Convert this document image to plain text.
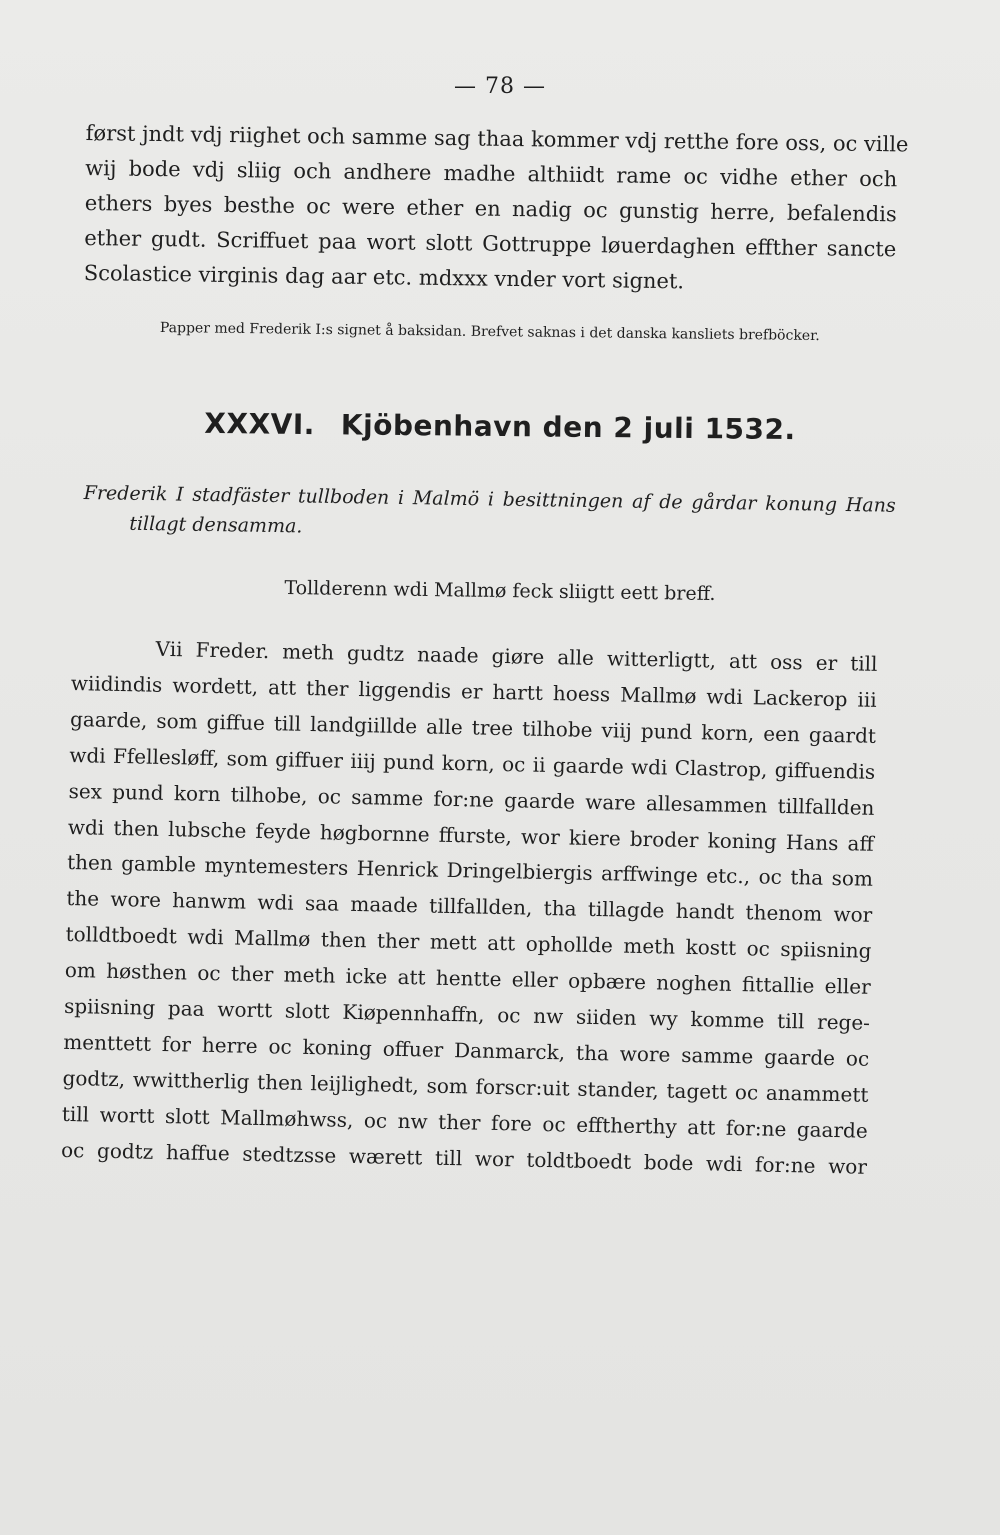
— 78 —
først jndt vdj riighet och samme sag thaa kommer vdj retthe fore oss, oc ville
wij bode vdj sliig och andhere madhe althiidt rame oc vidhe ether och
ethers byes besthe oc were ether en nadig oc gunstig herre, befalendis
ether gudt. Scriffuet paa wort slott Gottruppe løuerdaghen effther sancte
Scolastice virginis dag aar etc. mdxxx vnder vort signet.
Papper med Frederik I:s signet å baksidan. Brefvet saknas i det danska kansliets brefböcker.
XXXVI. Kjöbenhavn den 2 juli 1532.
Frederik I stadfäster tullboden i Malmö i besittningen af de gårdar konung Hans
tillagt densamma.
Tollderenn wdi Mallmø feck sliigtt eett breff.
Vii Freder. meth gudtz naade giøre alle witterligtt, att oss er till
wiidindis wordett, att ther liggendis er hartt hoess Mallmø wdi Lackerop iii
gaarde, som giffue till landgiillde alle tree tilhobe viij pund korn, een gaardt
wdi Ffellesløff, som giffuer iiij pund korn, oc ii gaarde wdi Clastrop, giffuendis
sex pund korn tilhobe, oc samme for:ne gaarde ware allesammen tillfallden
wdi then lubsche feyde høgbornne ffurste, wor kiere broder koning Hans aff
then gamble myntemesters Henrick Dringelbiergis arffwinge etc., oc tha som
the wore hanwm wdi saa maade tillfallden, tha tillagde handt thenom wor
tolldtboedt wdi Mallmø then ther mett att ophollde meth kostt oc spiisning
om høsthen oc ther meth icke att hentte eller opbære noghen fittallie eller
spiisning paa wortt slott Kiøpennhaffn, oc nw siiden wy komme till rege-
menttett for herre oc koning offuer Danmarck, tha wore samme gaarde oc
godtz, wwittherlig then leijlighedt, som forscr:uit stander, tagett oc anammett
till wortt slott Mallmøhwss, oc nw ther fore oc efftherthy att for:ne gaarde
oc godtz haffue stedtzsse wærett till wor toldtboedt bode wdi for:ne wor
